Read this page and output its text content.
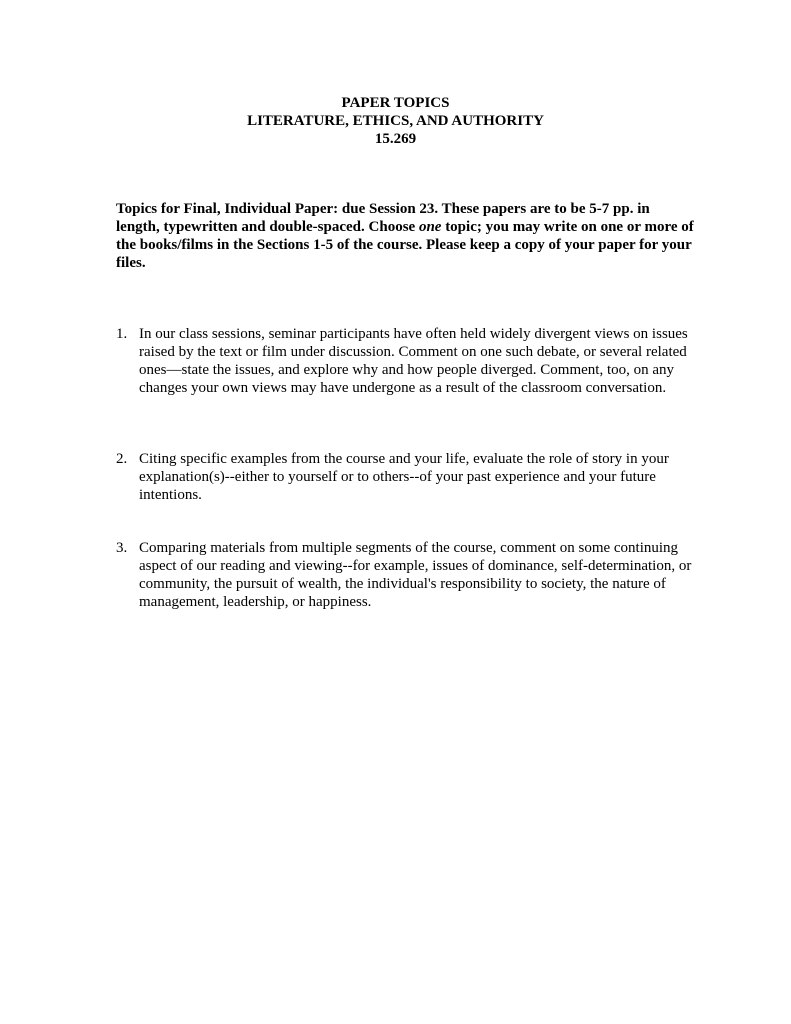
PAPER TOPICS
LITERATURE, ETHICS, AND AUTHORITY
15.269

Topics for Final, Individual Paper: due Session 23. These papers are to be 5-7 pp. in length, typewritten and double-spaced. Choose one topic; you may write on one or more of the books/films in the Sections 1-5 of the course. Please keep a copy of your paper for your files.

1. In our class sessions, seminar participants have often held widely divergent views on issues raised by the text or film under discussion. Comment on one such debate, or several related ones—state the issues, and explore why and how people diverged. Comment, too, on any changes your own views may have undergone as a result of the classroom conversation.
2. Citing specific examples from the course and your life, evaluate the role of story in your explanation(s)--either to yourself or to others--of your past experience and your future intentions.
3. Comparing materials from multiple segments of the course, comment on some continuing aspect of our reading and viewing--for example, issues of dominance, self-determination, or community, the pursuit of wealth, the individual's responsibility to society, the nature of management, leadership, or happiness.
